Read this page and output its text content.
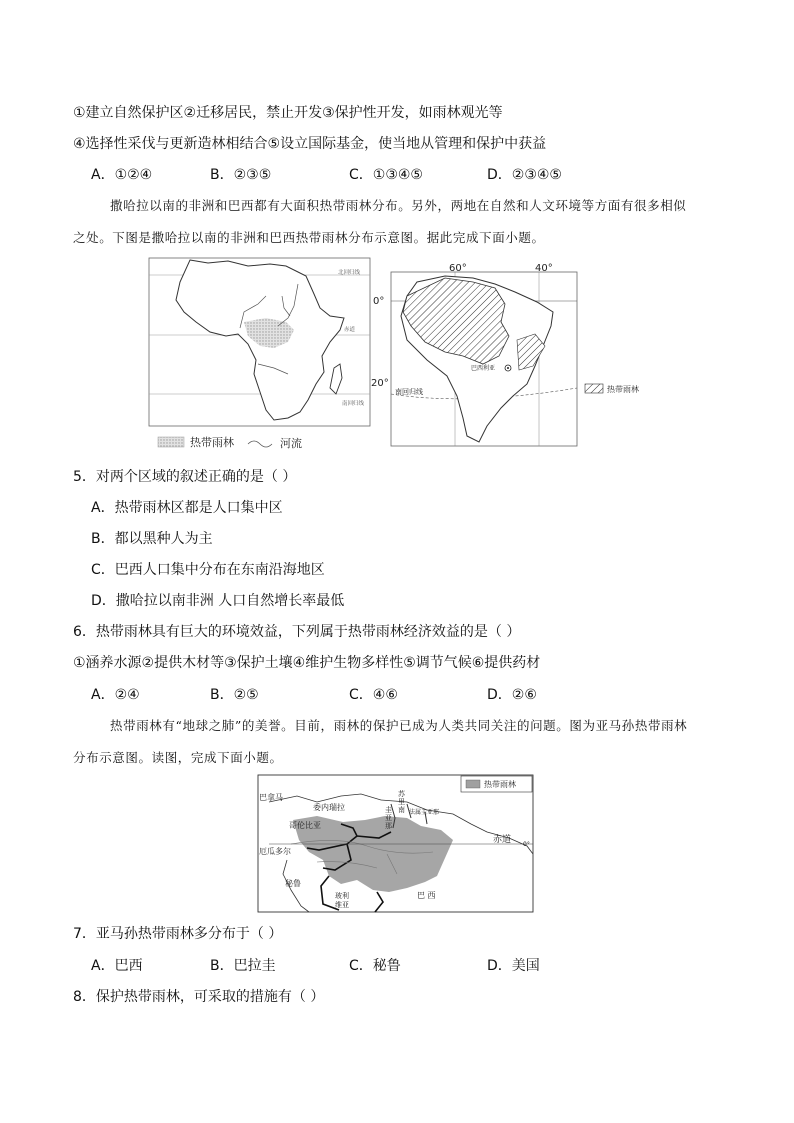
①建立自然保护区②迁移居民，禁止开发③保护性开发，如雨林观光等
④选择性采伐与更新造林相结合⑤设立国际基金，使当地从管理和保护中获益
A．①②④	B．②③⑤	C．①③④⑤	D．②③④⑤
撒哈拉以南的非洲和巴西都有大面积热带雨林分布。另外，两地在自然和人文环境等方面有很多相似
之处。下图是撒哈拉以南的非洲和巴西热带雨林分布示意图。据此完成下面小题。
北回归线
赤道
南回归线
热带雨林	河流
60°	40°
0°
20°
巴西利亚
南回归线	热带雨林
5．对两个区域的叙述正确的是（ ）
A．热带雨林区都是人口集中区
B．都以黑种人为主
C．巴西人口集中分布在东南沿海地区
D．撒哈拉以南非洲 人口自然增长率最低
6．热带雨林具有巨大的环境效益，下列属于热带雨林经济效益的是（ ）
①涵养水源②提供木材等③保护土壤④维护生物多样性⑤调节气候⑥提供药材
A．②④	B．②⑤	C．④⑥	D．②⑥
热带雨林有“地球之肺”的美誉。目前，雨林的保护已成为人类共同关注的问题。图为亚马孙热带雨林
分布示意图。读图，完成下面小题。
热带雨林
巴拿马
委内瑞拉
哥伦比亚
圭亚那
苏里南 法属圭亚那
赤道 0°
厄瓜多尔
秘鲁
玻利维亚
巴 西
7．亚马孙热带雨林多分布于（ ）
A．巴西	B．巴拉圭	C．秘鲁	D．美国
8．保护热带雨林，可采取的措施有（ ）
